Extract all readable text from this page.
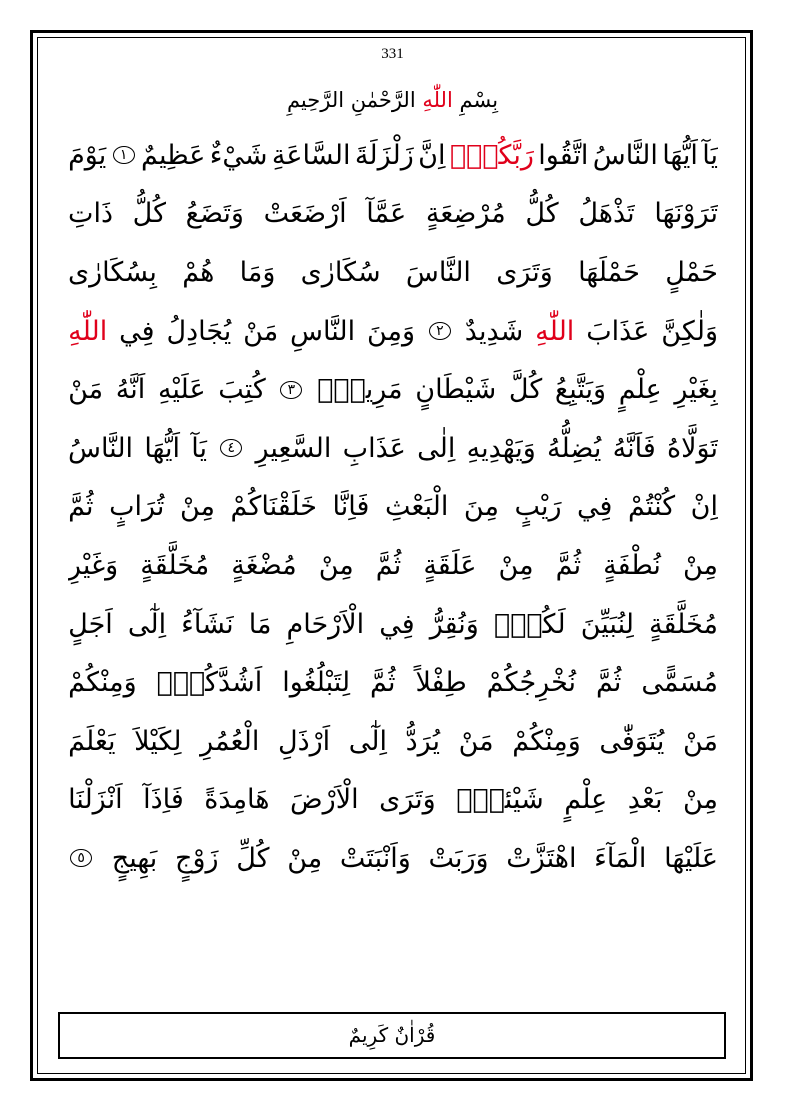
331
بِسْمِ اللّٰهِ الرَّحْمٰنِ الرَّحِيمِ
يَآ
اَيُّهَا
النَّاسُ
اتَّقُوا
رَبَّكُمْۚ
اِنَّ
زَلْزَلَةَ
السَّاعَةِ
شَيْءٌ
عَظِيمٌ
١
يَوْمَ
تَرَوْنَهَا
تَذْهَلُ
كُلُّ
مُرْضِعَةٍ
عَمَّآ
اَرْضَعَتْ
وَتَضَعُ
كُلُّ
ذَاتِ
حَمْلٍ
حَمْلَهَا
وَتَرَى
النَّاسَ
سُكَارٰى
وَمَا
هُمْ
بِسُكَارٰى
وَلٰكِنَّ
عَذَابَ
اللّٰهِ
شَدِيدٌ
٢
وَمِنَ
النَّاسِ
مَنْ
يُجَادِلُ
فِي
اللّٰهِ
بِغَيْرِ
عِلْمٍ
وَيَتَّبِعُ
كُلَّ
شَيْطَانٍ
مَرِيدٍۙ
٣
كُتِبَ
عَلَيْهِ
اَنَّهُ
مَنْ
تَوَلَّاهُ
فَاَنَّهُ
يُضِلُّهُ
وَيَهْدِيهِ
اِلٰى
عَذَابِ
السَّعِيرِ
٤
يَآ
اَيُّهَا
النَّاسُ
اِنْ
كُنْتُمْ
فِي
رَيْبٍ
مِنَ
الْبَعْثِ
فَاِنَّا
خَلَقْنَاكُمْ
مِنْ
تُرَابٍ
ثُمَّ
مِنْ
نُطْفَةٍ
ثُمَّ
مِنْ
عَلَقَةٍ
ثُمَّ
مِنْ
مُضْغَةٍ
مُخَلَّقَةٍ
وَغَيْرِ
مُخَلَّقَةٍ
لِنُبَيِّنَ
لَكُمْۜ
وَنُقِرُّ
فِي
الْاَرْحَامِ
مَا
نَشَآءُ
اِلٰٓى
اَجَلٍ
مُسَمًّى
ثُمَّ
نُخْرِجُكُمْ
طِفْلاً
ثُمَّ
لِتَبْلُغُوا
اَشُدَّكُمْۚ
وَمِنْكُمْ
مَنْ
يُتَوَفّٰى
وَمِنْكُمْ
مَنْ
يُرَدُّ
اِلٰٓى
اَرْذَلِ
الْعُمُرِ
لِكَيْلاَ
يَعْلَمَ
مِنْ
بَعْدِ
عِلْمٍ
شَيْئاًۜ
وَتَرَى
الْاَرْضَ
هَامِدَةً
فَاِذَآ
اَنْزَلْنَا
عَلَيْهَا
الْمَآءَ
اهْتَزَّتْ
وَرَبَتْ
وَاَنْبَتَتْ
مِنْ
كُلِّ
زَوْجٍ
بَهِيجٍ
٥
قُرْاٰنٌ كَرِيمٌ
